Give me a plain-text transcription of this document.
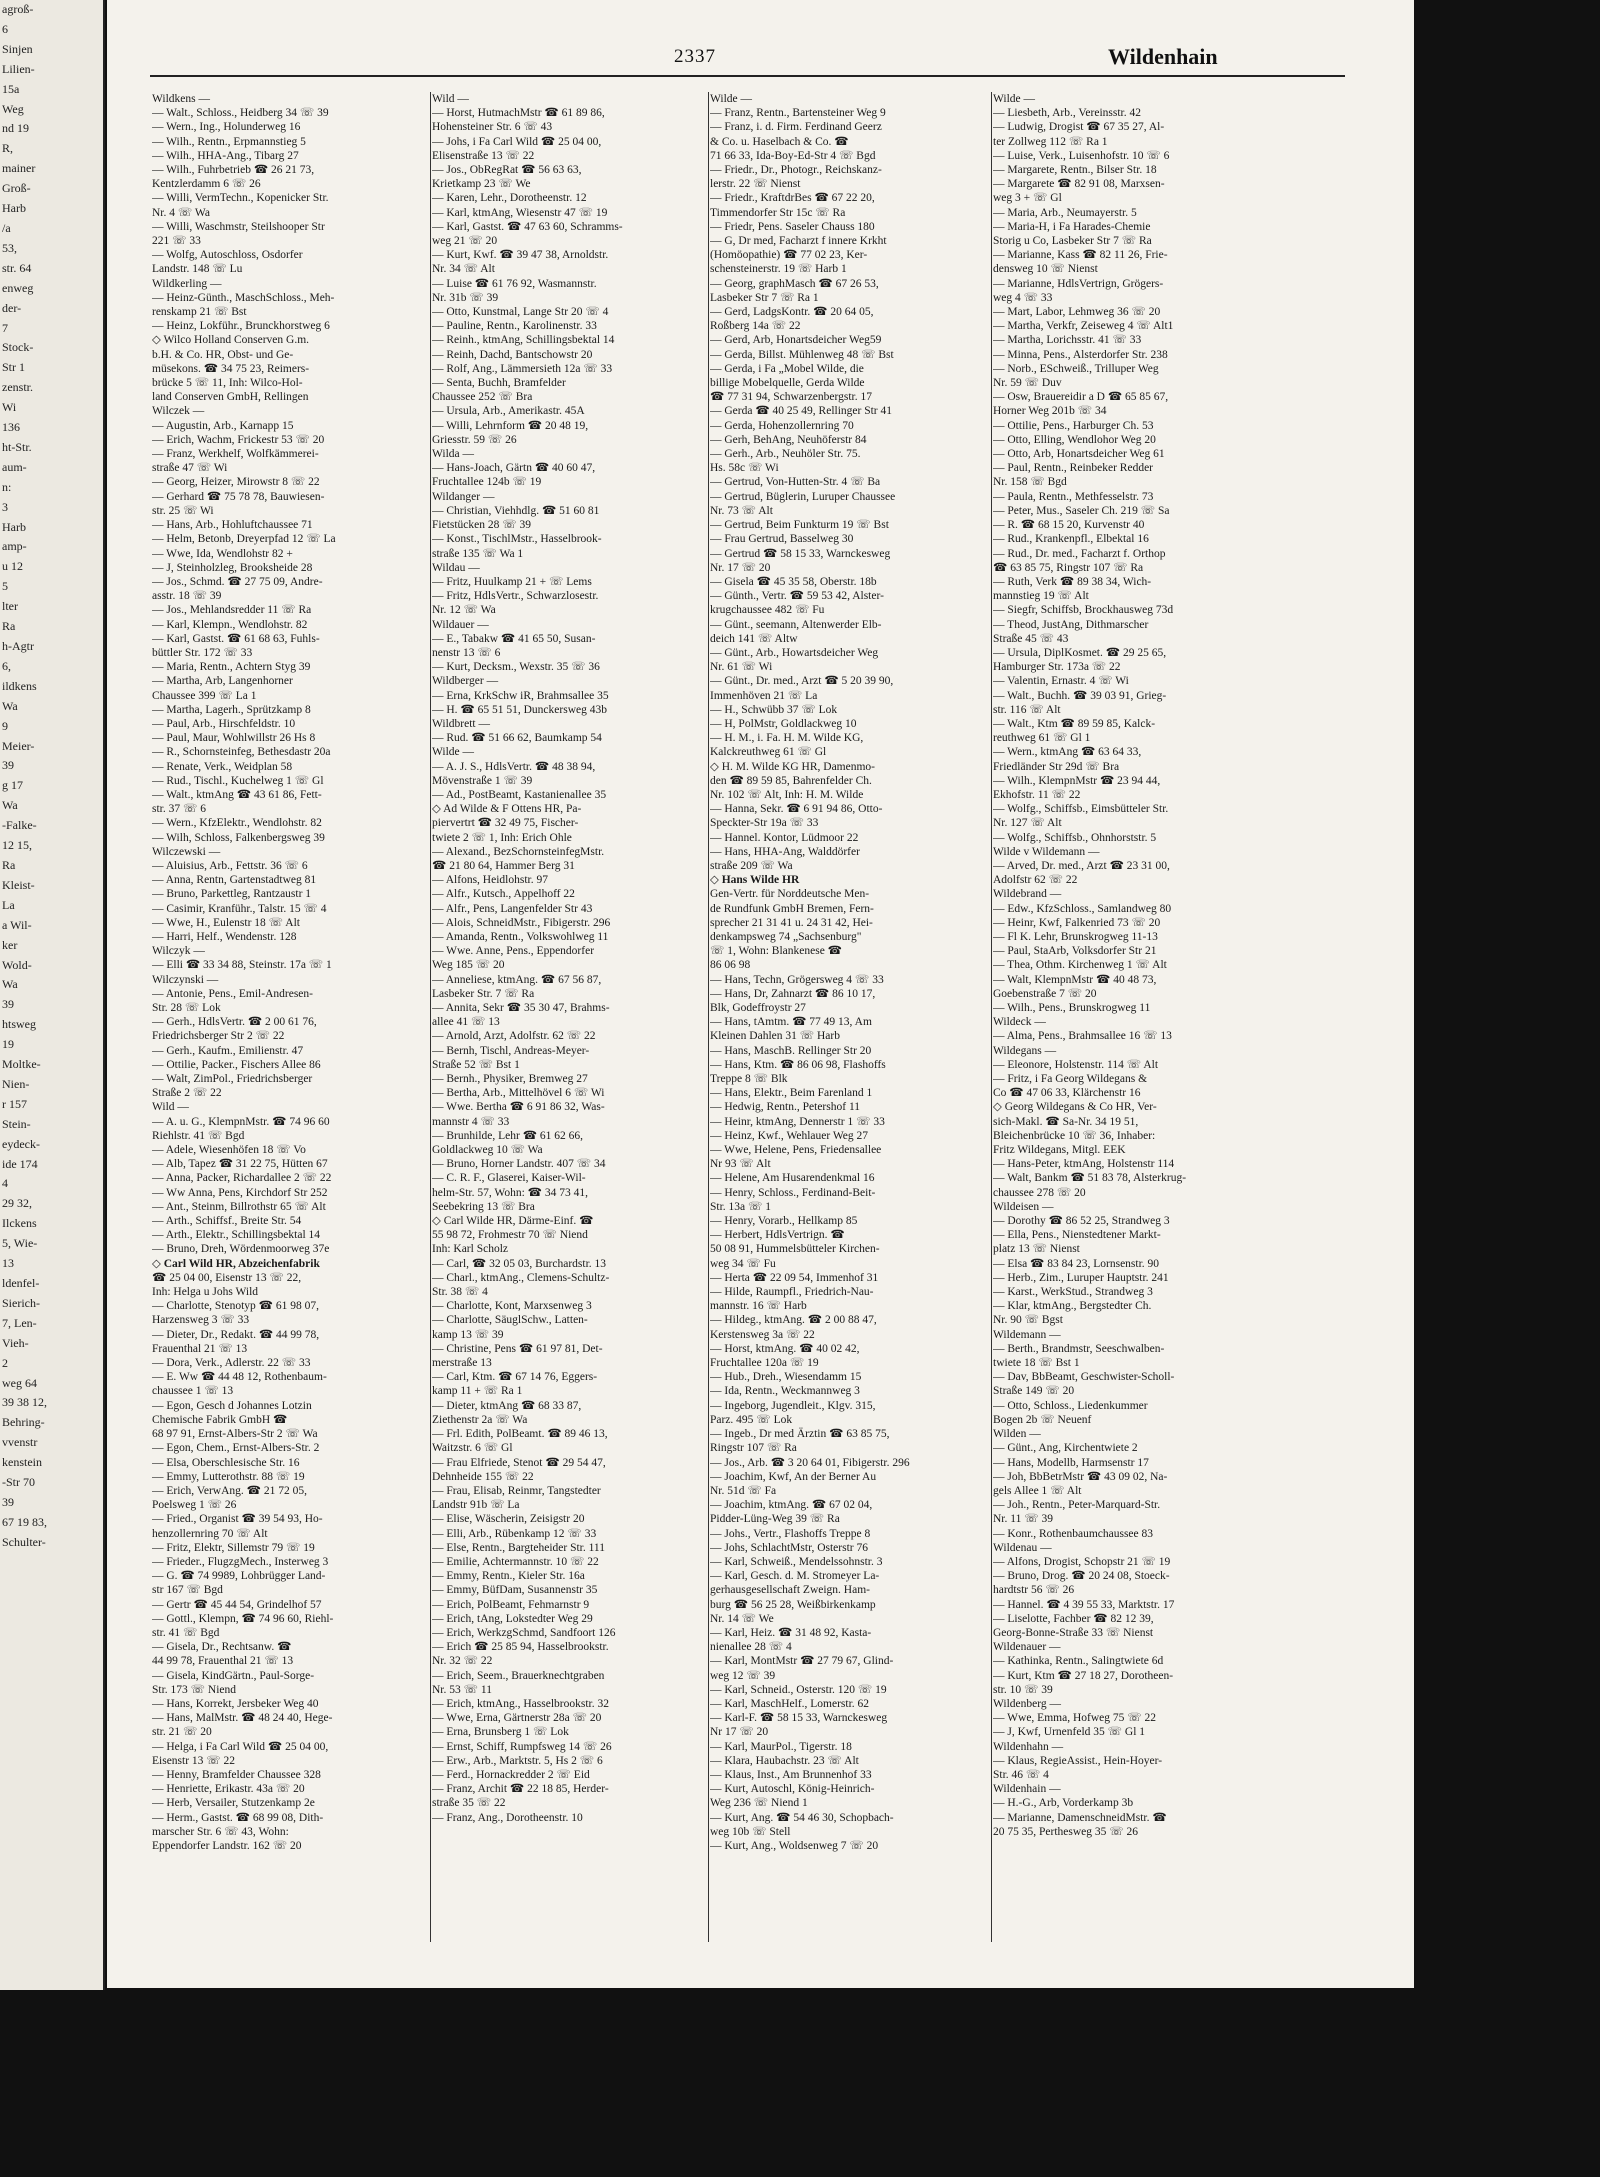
agroß-
6
Sinjen
Lilien-
15a
Weg
nd 19
R,
mainer
Groß-
Harb
/a
53,
str. 64
enweg
der-
7
Stock-
Str 1
zenstr.
Wi
136
ht-Str.
aum-
n:
3
Harb
amp-
u 12
5
lter
Ra
h-Agtr
6,
ildkens
Wa
9
Meier-
39
g 17
Wa
-Falke-
12 15,
Ra
Kleist-
La
a Wil-
ker
Wold-
Wa
39
htsweg
19
Moltke-
Nien-
r 157
Stein-
eydeck-
ide 174
4
29 32,
Ilckens
5, Wie-
13
ldenfel-
Sierich-
7, Len-
Vieh-
2
weg 64
39 38 12,
Behring-
vvenstr
kenstein
-Str 70
39
67 19 83,
Schulter-
2337	Wildenhain
Wildkens —
— Walt., Schloss., Heidberg 34 ☏ 39
— Wern., Ing., Holunderweg 16
— Wilh., Rentn., Erpmannstieg 5
— Wilh., HHA-Ang., Tibarg 27
— Wilh., Fuhrbetrieb ☎ 26 21 73,
Kentzlerdamm 6 ☏ 26
— Willi, VermTechn., Kopenicker Str.
Nr. 4 ☏ Wa
— Willi, Waschmstr, Steilshooper Str
221 ☏ 33
— Wolfg, Autoschloss, Osdorfer
Landstr. 148 ☏ Lu
Wildkerling —
— Heinz-Günth., MaschSchloss., Meh-
renskamp 21 ☏ Bst
— Heinz, Lokführ., Brunckhorstweg 6
◇ Wilco Holland Conserven G.m.
b.H. & Co. HR, Obst- und Ge-
müsekons. ☎ 34 75 23, Reimers-
brücke 5 ☏ 11, Inh: Wilco-Hol-
land Conserven GmbH, Rellingen
Wilczek —
— Augustin, Arb., Karnapp 15
— Erich, Wachm, Frickestr 53 ☏ 20
— Franz, Werkhelf, Wolfkämmerei-
straße 47 ☏ Wi
— Georg, Heizer, Mirowstr 8 ☏ 22
— Gerhard ☎ 75 78 78, Bauwiesen-
str. 25 ☏ Wi
— Hans, Arb., Hohluftchaussee 71
— Helm, Betonb, Dreyerpfad 12 ☏ La
— Wwe, Ida, Wendlohstr 82 +
— J, Steinholzleg, Brooksheide 28
— Jos., Schmd. ☎ 27 75 09, Andre-
asstr. 18 ☏ 39
— Jos., Mehlandsredder 11 ☏ Ra
— Karl, Klempn., Wendlohstr. 82
— Karl, Gastst. ☎ 61 68 63, Fuhls-
büttler Str. 172 ☏ 33
— Maria, Rentn., Achtern Styg 39
— Martha, Arb, Langenhorner
Chaussee 399 ☏ La 1
— Martha, Lagerh., Sprützkamp 8
— Paul, Arb., Hirschfeldstr. 10
— Paul, Maur, Wohlwillstr 26 Hs 8
— R., Schornsteinfeg, Bethesdastr 20a
— Renate, Verk., Weidplan 58
— Rud., Tischl., Kuchelweg 1 ☏ Gl
— Walt., ktmAng ☎ 43 61 86, Fett-
str. 37 ☏ 6
— Wern., KfzElektr., Wendlohstr. 82
— Wilh, Schloss, Falkenbergsweg 39
Wilczewski —
— Aluisius, Arb., Fettstr. 36 ☏ 6
— Anna, Rentn, Gartenstadtweg 81
— Bruno, Parkettleg, Rantzaustr 1
— Casimir, Kranführ., Talstr. 15 ☏ 4
— Wwe, H., Eulenstr 18 ☏ Alt
— Harri, Helf., Wendenstr. 128
Wilczyk —
— Elli ☎ 33 34 88, Steinstr. 17a ☏ 1
Wilczynski —
— Antonie, Pens., Emil-Andresen-
Str. 28 ☏ Lok
— Gerh., HdlsVertr. ☎ 2 00 61 76,
Friedrichsberger Str 2 ☏ 22
— Gerh., Kaufm., Emilienstr. 47
— Ottilie, Packer., Fischers Allee 86
— Walt, ZimPol., Friedrichsberger
Straße 2 ☏ 22
Wild —
— A. u. G., KlempnMstr. ☎ 74 96 60
Riehlstr. 41 ☏ Bgd
— Adele, Wiesenhöfen 18 ☏ Vo
— Alb, Tapez ☎ 31 22 75, Hütten 67
— Anna, Packer, Richardallee 2 ☏ 22
— Ww Anna, Pens, Kirchdorf Str 252
— Ant., Steinm, Billrothstr 65 ☏ Alt
— Arth., Schiffsf., Breite Str. 54
— Arth., Elektr., Schillingsbektal 14
— Bruno, Dreh, Wördenmoorweg 37e
◇ Carl Wild HR, Abzeichenfabrik
☎ 25 04 00, Eisenstr 13 ☏ 22,
Inh: Helga u Johs Wild
— Charlotte, Stenotyp ☎ 61 98 07,
Harzensweg 3 ☏ 33
— Dieter, Dr., Redakt. ☎ 44 99 78,
Frauenthal 21 ☏ 13
— Dora, Verk., Adlerstr. 22 ☏ 33
— E. Ww ☎ 44 48 12, Rothenbaum-
chaussee 1 ☏ 13
— Egon, Gesch d Johannes Lotzin
Chemische Fabrik GmbH ☎
68 97 91, Ernst-Albers-Str 2 ☏ Wa
— Egon, Chem., Ernst-Albers-Str. 2
— Elsa, Oberschlesische Str. 16
— Emmy, Lutterothstr. 88 ☏ 19
— Erich, VerwAng. ☎ 21 72 05,
Poelsweg 1 ☏ 26
— Fried., Organist ☎ 39 54 93, Ho-
henzollernring 70 ☏ Alt
— Fritz, Elektr, Sillemstr 79 ☏ 19
— Frieder., FlugzgMech., Insterweg 3
— G. ☎ 74 9989, Lohbrügger Land-
str 167 ☏ Bgd
— Gertr ☎ 45 44 54, Grindelhof 57
— Gottl., Klempn, ☎ 74 96 60, Riehl-
str. 41 ☏ Bgd
— Gisela, Dr., Rechtsanw. ☎
44 99 78, Frauenthal 21 ☏ 13
— Gisela, KindGärtn., Paul-Sorge-
Str. 173 ☏ Niend
— Hans, Korrekt, Jersbeker Weg 40
— Hans, MalMstr. ☎ 48 24 40, Hege-
str. 21 ☏ 20
— Helga, i Fa Carl Wild ☎ 25 04 00,
Eisenstr 13 ☏ 22
— Henny, Bramfelder Chaussee 328
— Henriette, Erikastr. 43a ☏ 20
— Herb, Versailer, Stutzenkamp 2e
— Herm., Gastst. ☎ 68 99 08, Dith-
marscher Str. 6 ☏ 43, Wohn:
Eppendorfer Landstr. 162 ☏ 20
Wild —
— Horst, HutmachMstr ☎ 61 89 86,
Hohensteiner Str. 6 ☏ 43
— Johs, i Fa Carl Wild ☎ 25 04 00,
Elisenstraße 13 ☏ 22
— Jos., ObRegRat ☎ 56 63 63,
Krietkamp 23 ☏ We
— Karen, Lehr., Dorotheenstr. 12
— Karl, ktmAng, Wiesenstr 47 ☏ 19
— Karl, Gastst. ☎ 47 63 60, Schramms-
weg 21 ☏ 20
— Kurt, Kwf. ☎ 39 47 38, Arnoldstr.
Nr. 34 ☏ Alt
— Luise ☎ 61 76 92, Wasmannstr.
Nr. 31b ☏ 39
— Otto, Kunstmal, Lange Str 20 ☏ 4
— Pauline, Rentn., Karolinenstr. 33
— Reinh., ktmAng, Schillingsbektal 14
— Reinh, Dachd, Bantschowstr 20
— Rolf, Ang., Lämmersieth 12a ☏ 33
— Senta, Buchh, Bramfelder
Chaussee 252 ☏ Bra
— Ursula, Arb., Amerikastr. 45A
— Willi, Lehrnform ☎ 20 48 19,
Griesstr. 59 ☏ 26
Wilda —
— Hans-Joach, Gärtn ☎ 40 60 47,
Fruchtallee 124b ☏ 19
Wildanger —
— Christian, Viehhdlg. ☎ 51 60 81
Fietstücken 28 ☏ 39
— Konst., TischlMstr., Hasselbrook-
straße 135 ☏ Wa 1
Wildau —
— Fritz, Huulkamp 21 + ☏ Lems
— Fritz, HdlsVertr., Schwarzlosestr.
Nr. 12 ☏ Wa
Wildauer —
— E., Tabakw ☎ 41 65 50, Susan-
nenstr 13 ☏ 6
— Kurt, Decksm., Wexstr. 35 ☏ 36
Wildberger —
— Erna, KrkSchw iR, Brahmsallee 35
— H. ☎ 65 51 51, Dunckersweg 43b
Wildbrett —
— Rud. ☎ 51 66 62, Baumkamp 54
Wilde —
— A. J. S., HdlsVertr. ☎ 48 38 94,
Mövenstraße 1 ☏ 39
— Ad., PostBeamt, Kastanienallee 35
◇ Ad Wilde & F Ottens HR, Pa-
piervertrt ☎ 32 49 75, Fischer-
twiete 2 ☏ 1, Inh: Erich Ohle
— Alexand., BezSchornsteinfegMstr.
☎ 21 80 64, Hammer Berg 31
— Alfons, Heidlohstr. 97
— Alfr., Kutsch., Appelhoff 22
— Alfr., Pens, Langenfelder Str 43
— Alois, SchneidMstr., Fibigerstr. 296
— Amanda, Rentn., Volkswohlweg 11
— Wwe. Anne, Pens., Eppendorfer
Weg 185 ☏ 20
— Anneliese, ktmAng. ☎ 67 56 87,
Lasbeker Str. 7 ☏ Ra
— Annita, Sekr ☎ 35 30 47, Brahms-
allee 41 ☏ 13
— Arnold, Arzt, Adolfstr. 62 ☏ 22
— Bernh, Tischl, Andreas-Meyer-
Straße 52 ☏ Bst 1
— Bernh., Physiker, Bremweg 27
— Bertha, Arb., Mittelhövel 6 ☏ Wi
— Wwe. Bertha ☎ 6 91 86 32, Was-
mannstr 4 ☏ 33
— Brunhilde, Lehr ☎ 61 62 66,
Goldlackweg 10 ☏ Wa
— Bruno, Horner Landstr. 407 ☏ 34
— C. R. F., Glaserei, Kaiser-Wil-
helm-Str. 57, Wohn: ☎ 34 73 41,
Seebekring 13 ☏ Bra
◇ Carl Wilde HR, Därme-Einf. ☎
55 98 72, Frohmestr 70 ☏ Niend
Inh: Karl Scholz
— Carl, ☎ 32 05 03, Burchardstr. 13
— Charl., ktmAng., Clemens-Schultz-
Str. 38 ☏ 4
— Charlotte, Kont, Marxsenweg 3
— Charlotte, SäuglSchw., Latten-
kamp 13 ☏ 39
— Christine, Pens ☎ 61 97 81, Det-
merstraße 13
— Carl, Ktm. ☎ 67 14 76, Eggers-
kamp 11 + ☏ Ra 1
— Dieter, ktmAng ☎ 68 33 87,
Ziethenstr 2a ☏ Wa
— Frl. Edith, PolBeamt. ☎ 89 46 13,
Waitzstr. 6 ☏ Gl
— Frau Elfriede, Stenot ☎ 29 54 47,
Dehnheide 155 ☏ 22
— Frau, Elisab, Reinmr, Tangstedter
Landstr 91b ☏ La
— Elise, Wäscherin, Zeisigstr 20
— Elli, Arb., Rübenkamp 12 ☏ 33
— Else, Rentn., Bargteheider Str. 111
— Emilie, Achtermannstr. 10 ☏ 22
— Emmy, Rentn., Kieler Str. 16a
— Emmy, BüfDam, Susannenstr 35
— Erich, PolBeamt, Fehmarnstr 9
— Erich, tAng, Lokstedter Weg 29
— Erich, WerkzgSchmd, Sandfoort 126
— Erich ☎ 25 85 94, Hasselbrookstr.
Nr. 32 ☏ 22
— Erich, Seem., Brauerknechtgraben
Nr. 53 ☏ 11
— Erich, ktmAng., Hasselbrookstr. 32
— Wwe, Erna, Gärtnerstr 28a ☏ 20
— Erna, Brunsberg 1 ☏ Lok
— Ernst, Schiff, Rumpfsweg 14 ☏ 26
— Erw., Arb., Marktstr. 5, Hs 2 ☏ 6
— Ferd., Hornackredder 2 ☏ Eid
— Franz, Archit ☎ 22 18 85, Herder-
straße 35 ☏ 22
— Franz, Ang., Dorotheenstr. 10
Wilde —
— Franz, Rentn., Bartensteiner Weg 9
— Franz, i. d. Firm. Ferdinand Geerz
& Co. u. Haselbach & Co. ☎
71 66 33, Ida-Boy-Ed-Str 4 ☏ Bgd
— Friedr., Dr., Photogr., Reichskanz-
lerstr. 22 ☏ Nienst
— Friedr., KraftdrBes ☎ 67 22 20,
Timmendorfer Str 15c ☏ Ra
— Friedr, Pens. Saseler Chauss 180
— G, Dr med, Facharzt f innere Krkht
(Homöopathie) ☎ 77 02 23, Ker-
schensteinerstr. 19 ☏ Harb 1
— Georg, graphMasch ☎ 67 26 53,
Lasbeker Str 7 ☏ Ra 1
— Gerd, LadgsKontr. ☎ 20 64 05,
Roßberg 14a ☏ 22
— Gerd, Arb, Honartsdeicher Weg59
— Gerda, Billst. Mühlenweg 48 ☏ Bst
— Gerda, i Fa „Mobel Wilde, die
billige Mobelquelle, Gerda Wilde
☎ 77 31 94, Schwarzenbergstr. 17
— Gerda ☎ 40 25 49, Rellinger Str 41
— Gerda, Hohenzollernring 70
— Gerh, BehAng, Neuhöferstr 84
— Gerh., Arb., Neuhöler Str. 75.
Hs. 58c ☏ Wi
— Gertrud, Von-Hutten-Str. 4 ☏ Ba
— Gertrud, Büglerin, Luruper Chaussee
Nr. 73 ☏ Alt
— Gertrud, Beim Funkturm 19 ☏ Bst
— Frau Gertrud, Basselweg 30
— Gertrud ☎ 58 15 33, Warnckesweg
Nr. 17 ☏ 20
— Gisela ☎ 45 35 58, Oberstr. 18b
— Günth., Vertr. ☎ 59 53 42, Alster-
krugchaussee 482 ☏ Fu
— Günt., seemann, Altenwerder Elb-
deich 141 ☏ Altw
— Günt., Arb., Howartsdeicher Weg
Nr. 61 ☏ Wi
— Günt., Dr. med., Arzt ☎ 5 20 39 90,
Immenhöven 21 ☏ La
— H., Schwübb 37 ☏ Lok
— H, PolMstr, Goldlackweg 10
— H. M., i. Fa. H. M. Wilde KG,
Kalckreuthweg 61 ☏ Gl
◇ H. M. Wilde KG HR, Damenmo-
den ☎ 89 59 85, Bahrenfelder Ch.
Nr. 102 ☏ Alt, Inh: H. M. Wilde
— Hanna, Sekr. ☎ 6 91 94 86, Otto-
Speckter-Str 19a ☏ 33
— Hannel. Kontor, Lüdmoor 22
— Hans, HHA-Ang, Walddörfer
straße 209 ☏ Wa
◇ Hans Wilde HR
Gen-Vertr. für Norddeutsche Men-
de Rundfunk GmbH Bremen, Fern-
sprecher 21 31 41 u. 24 31 42, Hei-
denkampsweg 74 „Sachsenburg"
☏ 1, Wohn: Blankenese ☎
86 06 98
— Hans, Techn, Grögersweg 4 ☏ 33
— Hans, Dr, Zahnarzt ☎ 86 10 17,
Blk, Godeffroystr 27
— Hans, tAmtm. ☎ 77 49 13, Am
Kleinen Dahlen 31 ☏ Harb
— Hans, MaschB. Rellinger Str 20
— Hans, Ktm. ☎ 86 06 98, Flashoffs
Treppe 8 ☏ Blk
— Hans, Elektr., Beim Farenland 1
— Hedwig, Rentn., Petershof 11
— Heinr, ktmAng, Dennerstr 1 ☏ 33
— Heinz, Kwf., Wehlauer Weg 27
— Wwe, Helene, Pens, Friedensallee
Nr 93 ☏ Alt
— Helene, Am Husarendenkmal 16
— Henry, Schloss., Ferdinand-Beit-
Str. 13a ☏ 1
— Henry, Vorarb., Hellkamp 85
— Herbert, HdlsVertrign. ☎
50 08 91, Hummelsbütteler Kirchen-
weg 34 ☏ Fu
— Herta ☎ 22 09 54, Immenhof 31
— Hilde, Raumpfl., Friedrich-Nau-
mannstr. 16 ☏ Harb
— Hildeg., ktmAng. ☎ 2 00 88 47,
Kerstensweg 3a ☏ 22
— Horst, ktmAng. ☎ 40 02 42,
Fruchtallee 120a ☏ 19
— Hub., Dreh., Wiesendamm 15
— Ida, Rentn., Weckmannweg 3
— Ingeborg, Jugendleit., Klgv. 315,
Parz. 495 ☏ Lok
— Ingeb., Dr med Ärztin ☎ 63 85 75,
Ringstr 107 ☏ Ra
— Jos., Arb. ☎ 3 20 64 01, Fibigerstr. 296
— Joachim, Kwf, An der Berner Au
Nr. 51d ☏ Fa
— Joachim, ktmAng. ☎ 67 02 04,
Pidder-Lüng-Weg 39 ☏ Ra
— Johs., Vertr., Flashoffs Treppe 8
— Johs, SchlachtMstr, Osterstr 76
— Karl, Schweiß., Mendelssohnstr. 3
— Karl, Gesch. d. M. Stromeyer La-
gerhausgesellschaft Zweign. Ham-
burg ☎ 56 25 28, Weißbirkenkamp
Nr. 14 ☏ We
— Karl, Heiz. ☎ 31 48 92, Kasta-
nienallee 28 ☏ 4
— Karl, MontMstr ☎ 27 79 67, Glind-
weg 12 ☏ 39
— Karl, Schneid., Osterstr. 120 ☏ 19
— Karl, MaschHelf., Lomerstr. 62
— Karl-F. ☎ 58 15 33, Warnckesweg
Nr 17 ☏ 20
— Karl, MaurPol., Tigerstr. 18
— Klara, Haubachstr. 23 ☏ Alt
— Klaus, Inst., Am Brunnenhof 33
— Kurt, Autoschl, König-Heinrich-
Weg 236 ☏ Niend 1
— Kurt, Ang. ☎ 54 46 30, Schopbach-
weg 10b ☏ Stell
— Kurt, Ang., Woldsenweg 7 ☏ 20
Wilde —
— Liesbeth, Arb., Vereinsstr. 42
— Ludwig, Drogist ☎ 67 35 27, Al-
ter Zollweg 112 ☏ Ra 1
— Luise, Verk., Luisenhofstr. 10 ☏ 6
— Margarete, Rentn., Bilser Str. 18
— Margarete ☎ 82 91 08, Marxsen-
weg 3 + ☏ Gl
— Maria, Arb., Neumayerstr. 5
— Maria-H, i Fa Harades-Chemie
Storig u Co, Lasbeker Str 7 ☏ Ra
— Marianne, Kass ☎ 82 11 26, Frie-
densweg 10 ☏ Nienst
— Marianne, HdlsVertrign, Grögers-
weg 4 ☏ 33
— Mart, Labor, Lehmweg 36 ☏ 20
— Martha, Verkfr, Zeiseweg 4 ☏ Alt1
— Martha, Lorichsstr. 41 ☏ 33
— Minna, Pens., Alsterdorfer Str. 238
— Norb., ESchweiß., Trilluper Weg
Nr. 59 ☏ Duv
— Osw, Brauereidir a D ☎ 65 85 67,
Horner Weg 201b ☏ 34
— Ottilie, Pens., Harburger Ch. 53
— Otto, Elling, Wendlohor Weg 20
— Otto, Arb, Honartsdeicher Weg 61
— Paul, Rentn., Reinbeker Redder
Nr. 158 ☏ Bgd
— Paula, Rentn., Methfesselstr. 73
— Peter, Mus., Saseler Ch. 219 ☏ Sa
— R. ☎ 68 15 20, Kurvenstr 40
— Rud., Krankenpfl., Elbektal 16
— Rud., Dr. med., Facharzt f. Orthop
☎ 63 85 75, Ringstr 107 ☏ Ra
— Ruth, Verk ☎ 89 38 34, Wich-
mannstieg 19 ☏ Alt
— Siegfr, Schiffsb, Brockhausweg 73d
— Theod, JustAng, Dithmarscher
Straße 45 ☏ 43
— Ursula, DiplKosmet. ☎ 29 25 65,
Hamburger Str. 173a ☏ 22
— Valentin, Ernastr. 4 ☏ Wi
— Walt., Buchh. ☎ 39 03 91, Grieg-
str. 116 ☏ Alt
— Walt., Ktm ☎ 89 59 85, Kalck-
reuthweg 61 ☏ Gl 1
— Wern., ktmAng ☎ 63 64 33,
Friedländer Str 29d ☏ Bra
— Wilh., KlempnMstr ☎ 23 94 44,
Ekhofstr. 11 ☏ 22
— Wolfg., Schiffsb., Eimsbütteler Str.
Nr. 127 ☏ Alt
— Wolfg., Schiffsb., Ohnhorststr. 5
Wilde v Wildemann —
— Arved, Dr. med., Arzt ☎ 23 31 00,
Adolfstr 62 ☏ 22
Wildebrand —
— Edw., KfzSchloss., Samlandweg 80
— Heinr, Kwf, Falkenried 73 ☏ 20
— Fl K. Lehr, Brunskrogweg 11-13
— Paul, StaArb, Volksdorfer Str 21
— Thea, Othm. Kirchenweg 1 ☏ Alt
— Walt, KlempnMstr ☎ 40 48 73,
Goebenstraße 7 ☏ 20
— Wilh., Pens., Brunskrogweg 11
Wildeck —
— Alma, Pens., Brahmsallee 16 ☏ 13
Wildegans —
— Eleonore, Holstenstr. 114 ☏ Alt
— Fritz, i Fa Georg Wildegans &
Co ☎ 47 06 33, Klärchenstr 16
◇ Georg Wildegans & Co HR, Ver-
sich-Makl. ☎ Sa-Nr. 34 19 51,
Bleichenbrücke 10 ☏ 36, Inhaber:
Fritz Wildegans, Mitgl. EEK
— Hans-Peter, ktmAng, Holstenstr 114
— Walt, Bankm ☎ 51 83 78, Alsterkrug-
chaussee 278 ☏ 20
Wildeisen —
— Dorothy ☎ 86 52 25, Strandweg 3
— Ella, Pens., Nienstedtener Markt-
platz 13 ☏ Nienst
— Elsa ☎ 83 84 23, Lornsenstr. 90
— Herb., Zim., Luruper Hauptstr. 241
— Karst., WerkStud., Strandweg 3
— Klar, ktmAng., Bergstedter Ch.
Nr. 90 ☏ Bgst
Wildemann —
— Berth., Brandmstr, Seeschwalben-
twiete 18 ☏ Bst 1
— Dav, BbBeamt, Geschwister-Scholl-
Straße 149 ☏ 20
— Otto, Schloss., Liedenkummer
Bogen 2b ☏ Neuenf
Wilden —
— Günt., Ang, Kirchentwiete 2
— Hans, Modellb, Harmsenstr 17
— Joh, BbBetrMstr ☎ 43 09 02, Na-
gels Allee 1 ☏ Alt
— Joh., Rentn., Peter-Marquard-Str.
Nr. 11 ☏ 39
— Konr., Rothenbaumchaussee 83
Wildenau —
— Alfons, Drogist, Schopstr 21 ☏ 19
— Bruno, Drog. ☎ 20 24 08, Stoeck-
hardtstr 56 ☏ 26
— Hannel. ☎ 4 39 55 33, Marktstr. 17
— Liselotte, Fachber ☎ 82 12 39,
Georg-Bonne-Straße 33 ☏ Nienst
Wildenauer —
— Kathinka, Rentn., Salingtwiete 6d
— Kurt, Ktm ☎ 27 18 27, Dorotheen-
str. 10 ☏ 39
Wildenberg —
— Wwe, Emma, Hofweg 75 ☏ 22
— J, Kwf, Urnenfeld 35 ☏ Gl 1
Wildenhahn —
— Klaus, RegieAssist., Hein-Hoyer-
Str. 46 ☏ 4
Wildenhain —
— H.-G., Arb, Vorderkamp 3b
— Marianne, DamenschneidMstr. ☎
20 75 35, Perthesweg 35 ☏ 26
